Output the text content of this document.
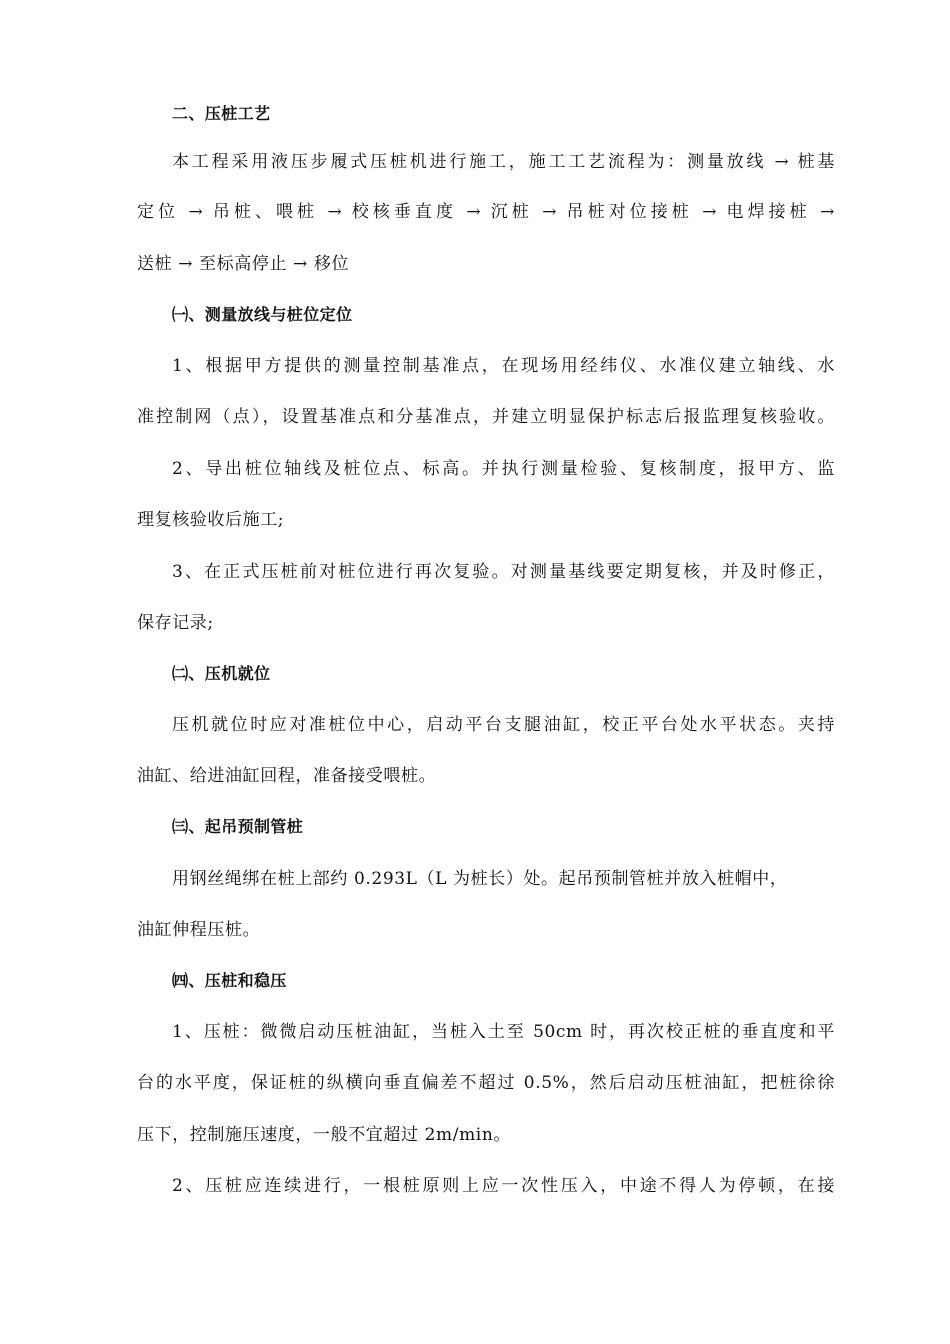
二、压桩工艺
本工程采用液压步履式压桩机进行施工，施工工艺流程为：测量放线 → 桩基
定位 → 吊桩、喂桩 → 校核垂直度 → 沉桩 → 吊桩对位接桩 → 电焊接桩 →
送桩 → 至标高停止 → 移位
㈠、测量放线与桩位定位
1、根据甲方提供的测量控制基准点，在现场用经纬仪、水准仪建立轴线、水
准控制网（点），设置基准点和分基准点，并建立明显保护标志后报监理复核验收。
2、导出桩位轴线及桩位点、标高。并执行测量检验、复核制度，报甲方、监
理复核验收后施工;
3、在正式压桩前对桩位进行再次复验。对测量基线要定期复核，并及时修正，
保存记录;
㈡、压机就位
压机就位时应对准桩位中心，启动平台支腿油缸，校正平台处水平状态。夹持
油缸、给进油缸回程，准备接受喂桩。
㈢、起吊预制管桩
用钢丝绳绑在桩上部约 0.293L（L 为桩长）处。起吊预制管桩并放入桩帽中，
油缸伸程压桩。
㈣、压桩和稳压
1、压桩：微微启动压桩油缸，当桩入土至 50cm 时，再次校正桩的垂直度和平
台的水平度，保证桩的纵横向垂直偏差不超过 0.5%，然后启动压桩油缸，把桩徐徐
压下，控制施压速度，一般不宜超过 2m/min。
2、压桩应连续进行，一根桩原则上应一次性压入，中途不得人为停顿，在接
